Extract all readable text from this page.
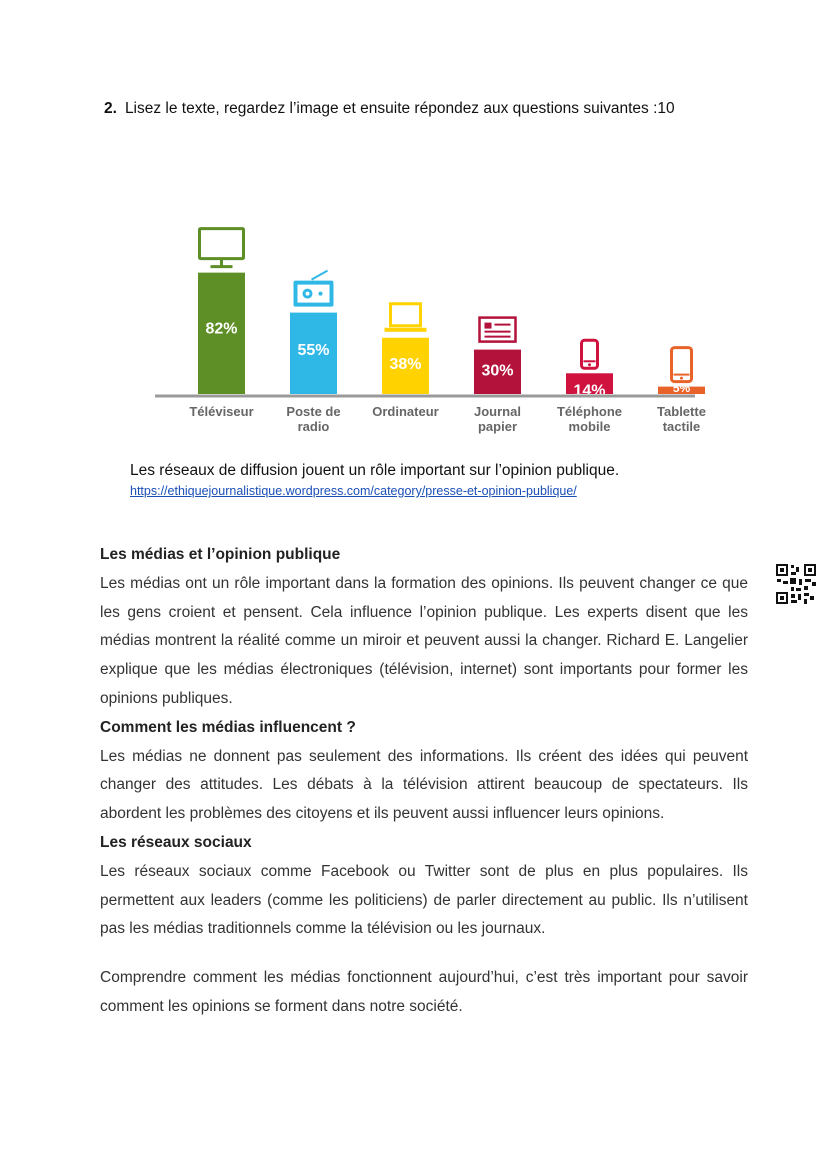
2. Lisez le texte, regardez l’image et ensuite répondez aux questions suivantes :10
82%
55%
38%	30%
14%	5%
Téléviseur	Poste de radio
Ordinateur	Journal papier
Téléphone mobile
Tablette tactile
Les réseaux de diffusion jouent un rôle important sur l’opinion publique.
https://ethiquejournalistique.wordpress.com/category/presse-et-opinion-publique/
Les médias et l’opinion publique

Les médias ont un rôle important dans la formation des opinions. Ils peuvent changer ce que les gens croient et pensent. Cela influence l’opinion publique. Les experts disent que les médias montrent la réalité comme un miroir et peuvent aussi la changer. Richard E. Langelier explique que les médias électroniques (télévision, internet) sont importants pour former les opinions publiques.

Comment les médias influencent ?

Les médias ne donnent pas seulement des informations. Ils créent des idées qui peuvent changer des attitudes. Les débats à la télévision attirent beaucoup de spectateurs. Ils abordent les problèmes des citoyens et ils peuvent aussi influencer leurs opinions.

Les réseaux sociaux

Les réseaux sociaux comme Facebook ou Twitter sont de plus en plus populaires. Ils permettent aux leaders (comme les politiciens) de parler directement au public. Ils n’utilisent pas les médias traditionnels comme la télévision ou les journaux.

Comprendre comment les médias fonctionnent aujourd’hui, c’est très important pour savoir comment les opinions se forment dans notre société.
